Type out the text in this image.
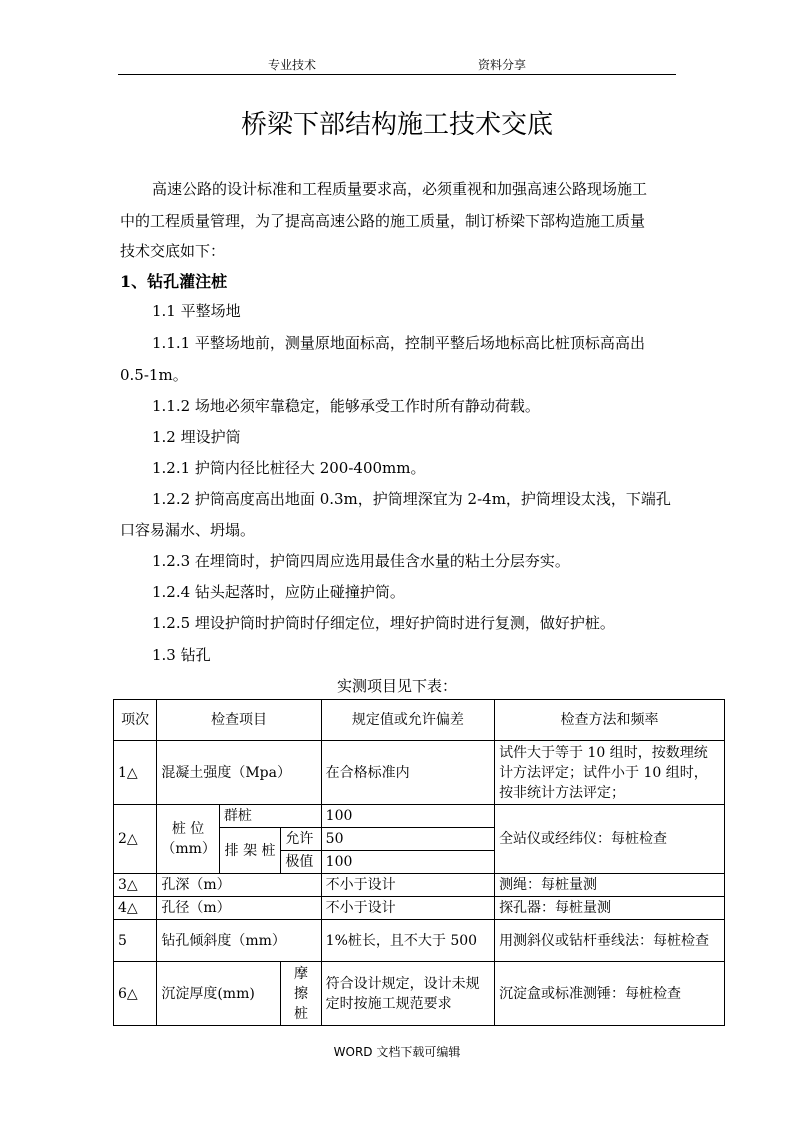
专业技术	资料分享
桥梁下部结构施工技术交底
高速公路的设计标准和工程质量要求高，必须重视和加强高速公路现场施工
中的工程质量管理，为了提高高速公路的施工质量，制订桥梁下部构造施工质量
技术交底如下：
1、钻孔灌注桩
1.1 平整场地
1.1.1 平整场地前，测量原地面标高，控制平整后场地标高比桩顶标高高出
0.5-1m。
1.1.2 场地必须牢靠稳定，能够承受工作时所有静动荷载。
1.2 埋设护筒
1.2.1 护筒内径比桩径大 200-400mm。
1.2.2 护筒高度高出地面 0.3m，护筒埋深宜为 2-4m，护筒埋设太浅，下端孔
口容易漏水、坍塌。
1.2.3 在埋筒时，护筒四周应选用最佳含水量的粘土分层夯实。
1.2.4 钻头起落时，应防止碰撞护筒。
1.2.5 埋设护筒时护筒时仔细定位，埋好护筒时进行复测，做好护桩。
1.3 钻孔
实测项目见下表：
项次	检查项目			规定值或允许偏差	检查方法和频率
1△	混凝土强度（Mpa）			在合格标准内	试件大于等于 10 组时，按数理统计方法评定；试件小于 10 组时，按非统计方法评定；
2△	桩 位（mm）	群桩		100	全站仪或经纬仪：每桩检查
		排 架 桩	允许	50	
			极值	100	
3△	孔深（m）			不小于设计	测绳：每桩量测
4△	孔径（m）			不小于设计	探孔器：每桩量测
5	钻孔倾斜度（mm）			1%桩长，且不大于 500	用测斜仪或钻杆垂线法：每桩检查
6△	沉淀厚度(mm)		摩 擦 桩	符合设计规定，设计未规定时按施工规范要求	沉淀盒或标准测锤：每桩检查
WORD 文档下载可编辑
